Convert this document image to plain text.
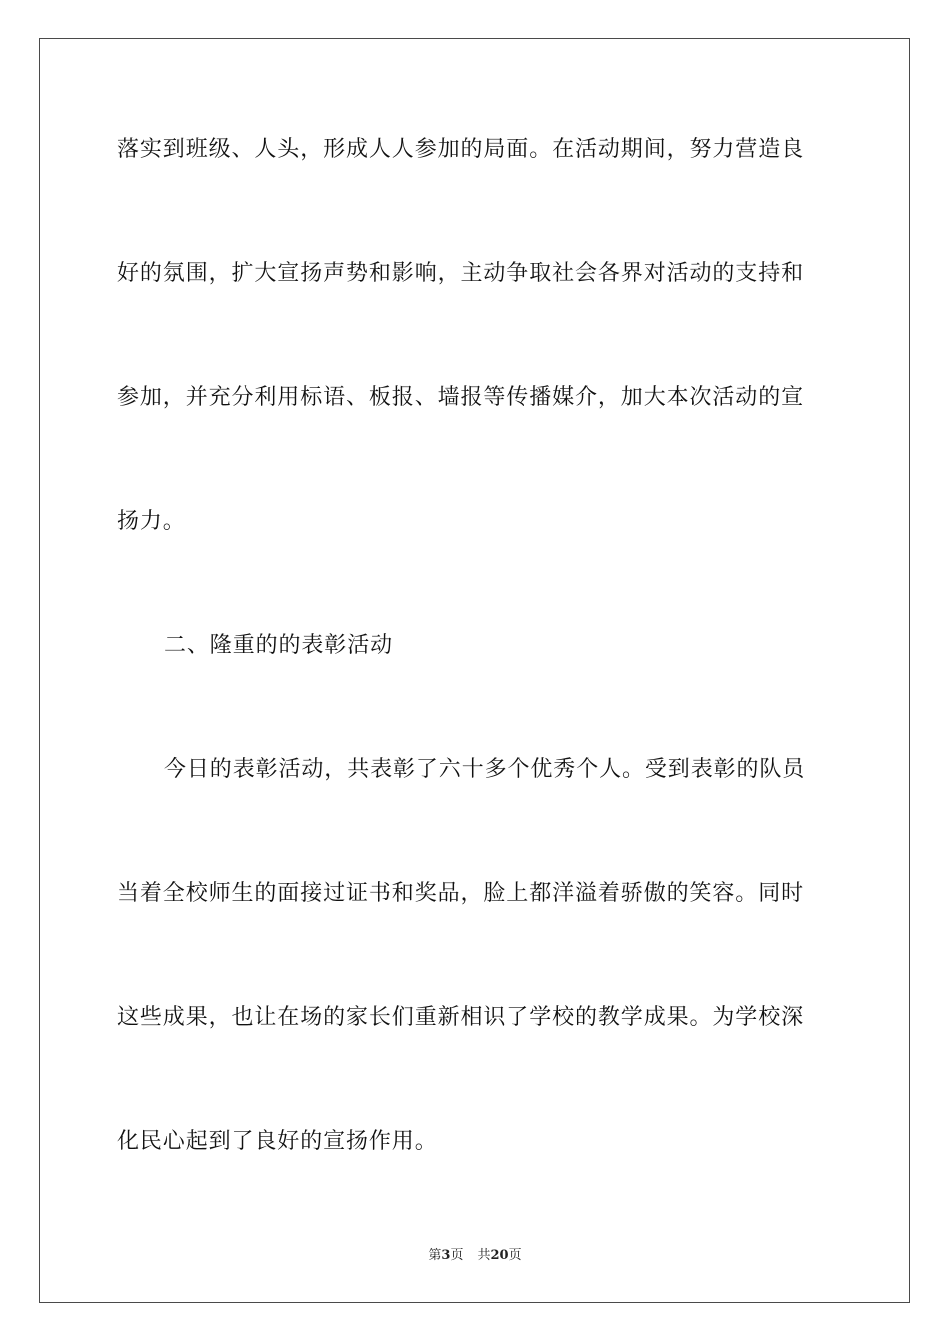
落实到班级、人头，形成人人参加的局面。在活动期间，努力营造良
好的氛围，扩大宣扬声势和影响，主动争取社会各界对活动的支持和
参加，并充分利用标语、板报、墙报等传播媒介，加大本次活动的宣
扬力。
二、隆重的的表彰活动
今日的表彰活动，共表彰了六十多个优秀个人。受到表彰的队员
当着全校师生的面接过证书和奖品，脸上都洋溢着骄傲的笑容。同时
这些成果，也让在场的家长们重新相识了学校的教学成果。为学校深
化民心起到了良好的宣扬作用。
第3页 共20页
